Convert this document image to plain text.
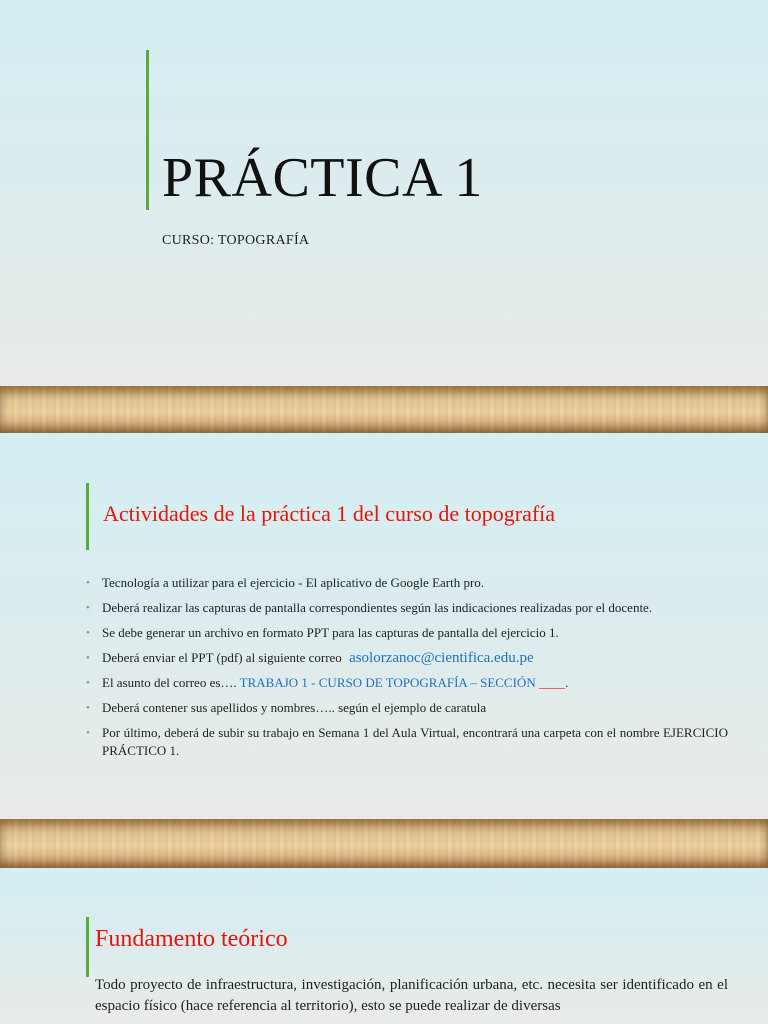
PRÁCTICA 1

CURSO: TOPOGRAFÍA

Actividades de la práctica 1 del curso de topografía
• Tecnología a utilizar para el ejercicio - El aplicativo de Google Earth pro.
• Deberá realizar las capturas de pantalla correspondientes según las indicaciones realizadas por el docente.
• Se debe generar un archivo en formato PPT para las capturas de pantalla del ejercicio 1.
• Deberá enviar el PPT (pdf) al siguiente correo asolorzanoc@cientifica.edu.pe
• El asunto del correo es…. TRABAJO 1 - CURSO DE TOPOGRAFÍA – SECCIÓN ____.
• Deberá contener sus apellidos y nombres….. según el ejemplo de caratula
• Por último, deberá de subir su trabajo en Semana 1 del Aula Virtual, encontrará una carpeta con el nombre EJERCICIO PRÁCTICO 1.
Fundamento teórico

Todo proyecto de infraestructura, investigación, planificación urbana, etc. necesita ser identificado en el espacio físico (hace referencia al territorio), esto se puede realizar de diversas
